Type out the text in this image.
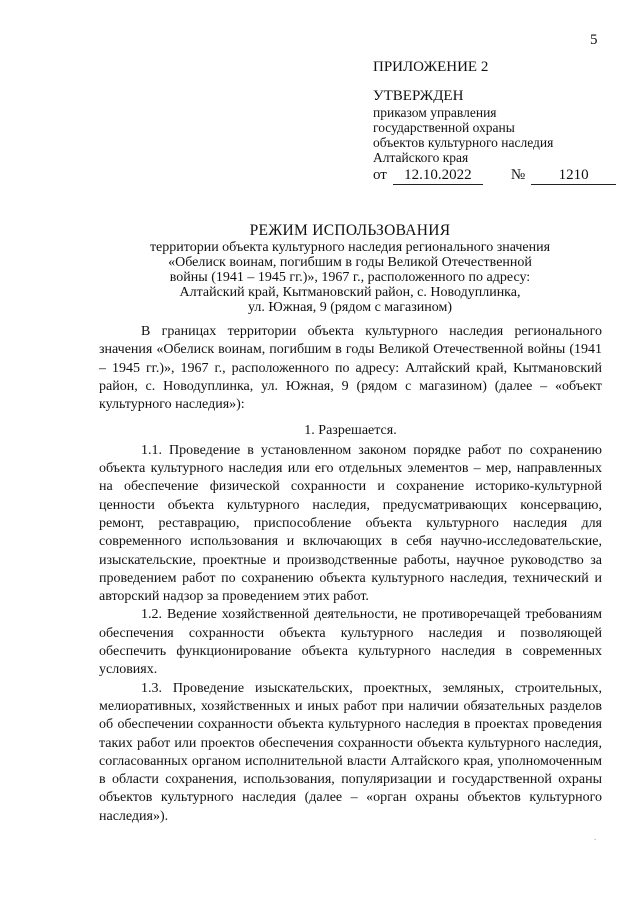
5
ПРИЛОЖЕНИЕ 2
УТВЕРЖДЕН
приказом управления
государственной охраны
объектов культурного наследия
Алтайского края
от 12.10.2022	№ 1210
РЕЖИМ ИСПОЛЬЗОВАНИЯ
территории объекта культурного наследия регионального значения
«Обелиск воинам, погибшим в годы Великой Отечественной
войны (1941 – 1945 гг.)», 1967 г., расположенного по адресу:
Алтайский край, Кытмановский район, с. Новодуплинка,
ул. Южная, 9 (рядом с магазином)
В границах территории объекта культурного наследия регионального значения «Обелиск воинам, погибшим в годы Великой Отечественной войны (1941 – 1945 гг.)», 1967 г., расположенного по адресу: Алтайский край, Кытмановский район, с. Новодуплинка, ул. Южная, 9 (рядом с магазином) (далее – «объект культурного наследия»):
1. Разрешается.
1.1. Проведение в установленном законом порядке работ по сохранению объекта культурного наследия или его отдельных элементов – мер, направленных на обеспечение физической сохранности и сохранение историко-культурной ценности объекта культурного наследия, предусматривающих консервацию, ремонт, реставрацию, приспособление объекта культурного наследия для современного использования и включающих в себя научно-исследовательские, изыскательские, проектные и производственные работы, научное руководство за проведением работ по сохранению объекта культурного наследия, технический и авторский надзор за проведением этих работ.
1.2. Ведение хозяйственной деятельности, не противоречащей требованиям обеспечения сохранности объекта культурного наследия и позволяющей обеспечить функционирование объекта культурного наследия в современных условиях.
1.3. Проведение изыскательских, проектных, земляных, строительных, мелиоративных, хозяйственных и иных работ при наличии обязательных разделов об обеспечении сохранности объекта культурного наследия в проектах проведения таких работ или проектов обеспечения сохранности объекта культурного наследия, согласованных органом исполнительной власти Алтайского края, уполномоченным в области сохранения, использования, популяризации и государственной охраны объектов культурного наследия (далее – «орган охраны объектов культурного наследия»).
.
